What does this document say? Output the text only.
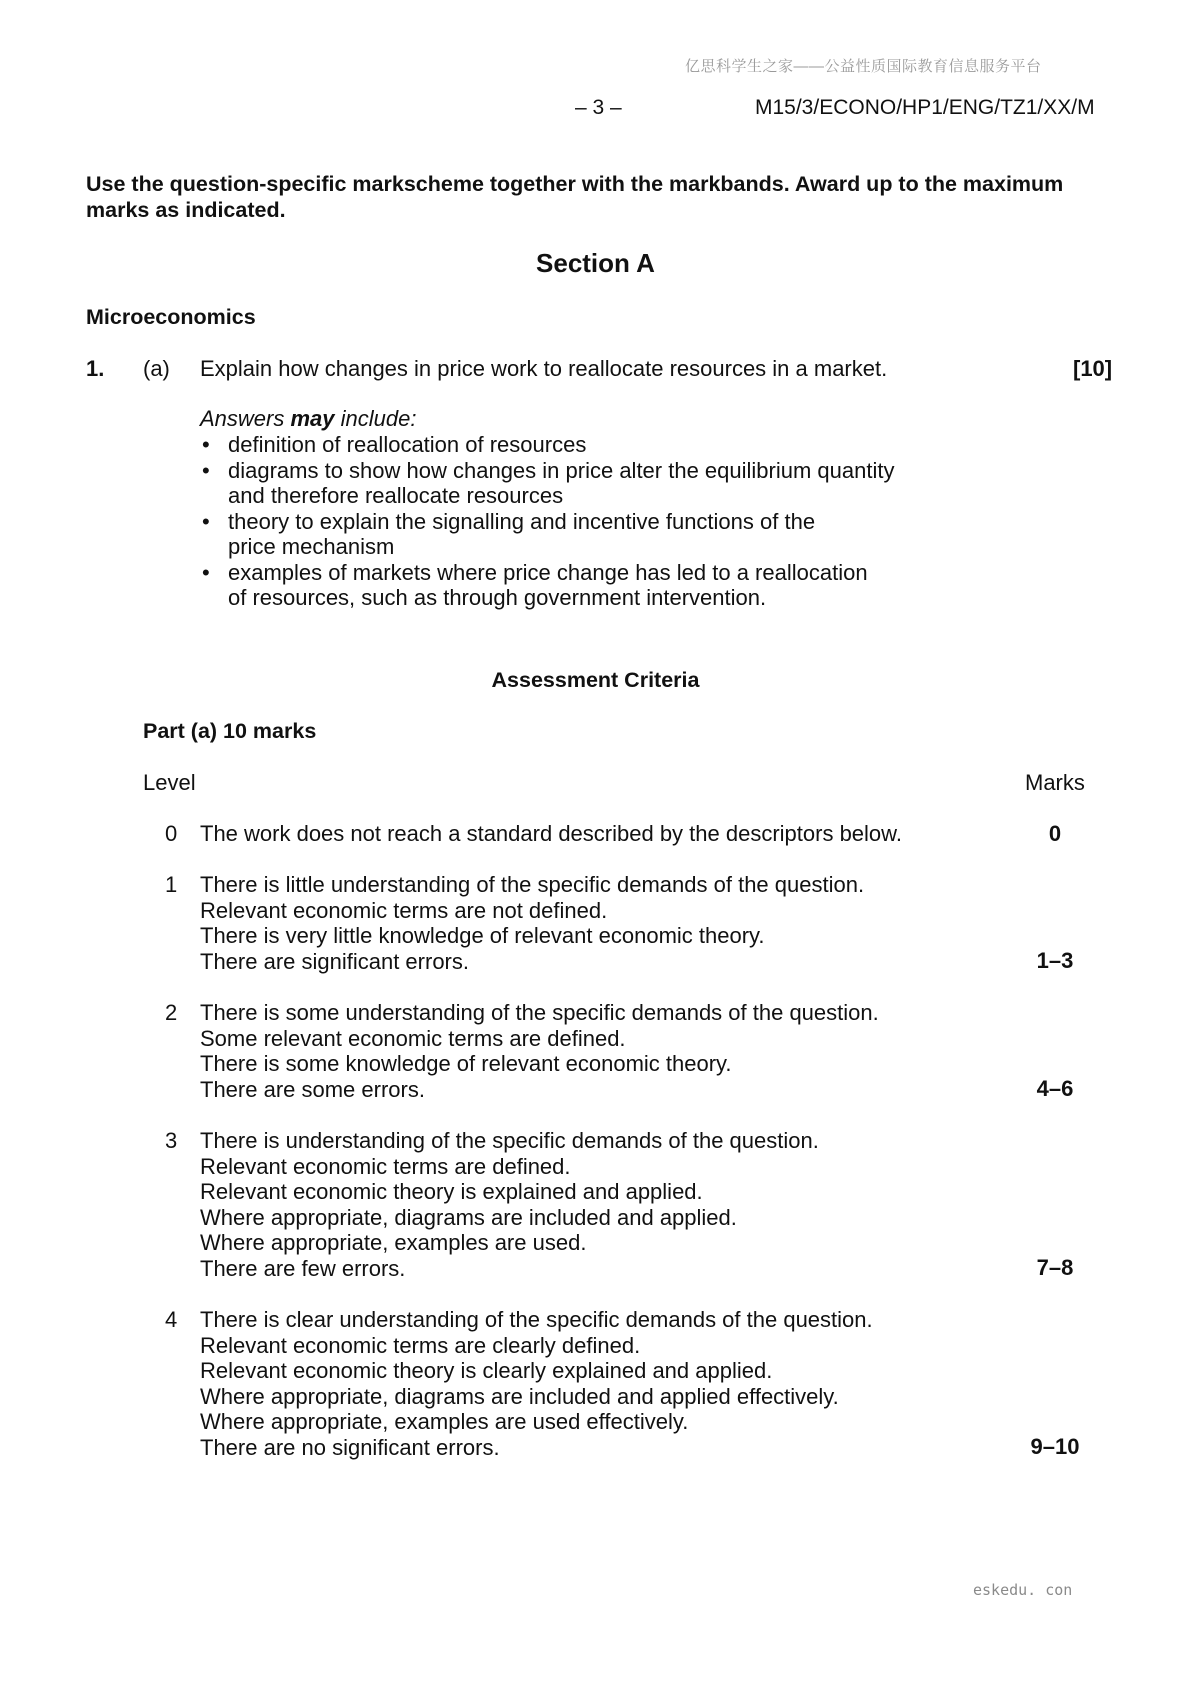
亿思科学生之家——公益性质国际教育信息服务平台
– 3 –	M15/3/ECONO/HP1/ENG/TZ1/XX/M
Use the question-specific markscheme together with the markbands. Award up to the maximum marks as indicated.
Section A
Microeconomics
1. (a) Explain how changes in price work to reallocate resources in a market.	[10]
Answers may include:
• definition of reallocation of resources
• diagrams to show how changes in price alter the equilibrium quantity and therefore reallocate resources
• theory to explain the signalling and incentive functions of the price mechanism
• examples of markets where price change has led to a reallocation of resources, such as through government intervention.
Assessment Criteria
Part (a) 10 marks
Level	Marks
0 The work does not reach a standard described by the descriptors below.	0
1 There is little understanding of the specific demands of the question.
Relevant economic terms are not defined.
There is very little knowledge of relevant economic theory.
There are significant errors.	1–3
2 There is some understanding of the specific demands of the question.
Some relevant economic terms are defined.
There is some knowledge of relevant economic theory.
There are some errors.	4–6
3 There is understanding of the specific demands of the question.
Relevant economic terms are defined.
Relevant economic theory is explained and applied.
Where appropriate, diagrams are included and applied.
Where appropriate, examples are used.
There are few errors.	7–8
4 There is clear understanding of the specific demands of the question.
Relevant economic terms are clearly defined.
Relevant economic theory is clearly explained and applied.
Where appropriate, diagrams are included and applied effectively.
Where appropriate, examples are used effectively.
There are no significant errors.	9–10
eskedu. con
